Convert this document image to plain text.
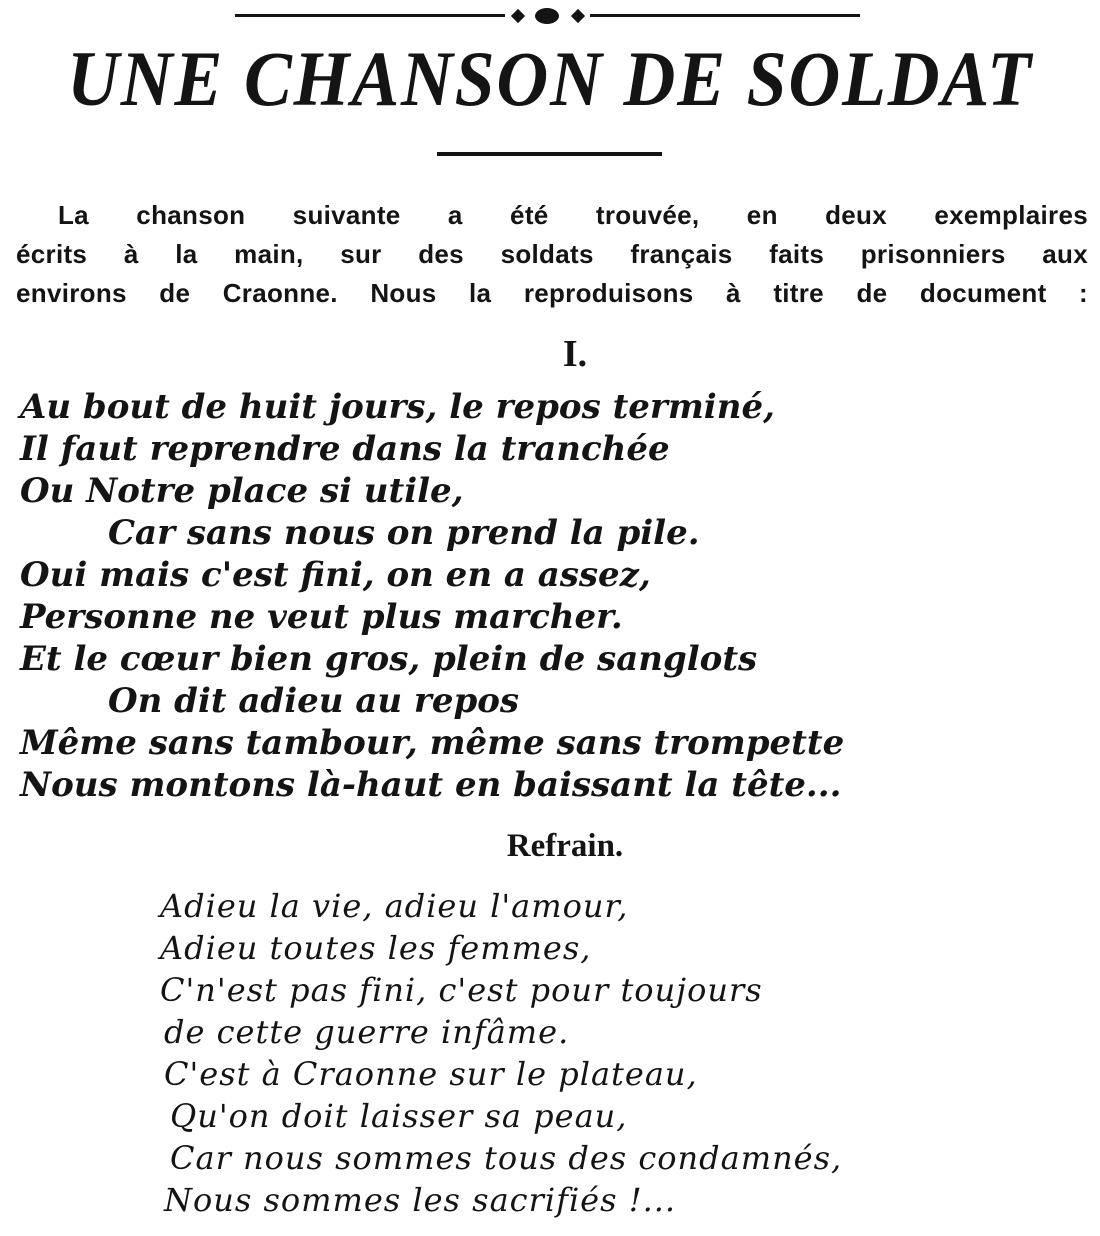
UNE CHANSON DE SOLDAT

La chanson suivante a été trouvée, en deux exemplaires
écrits à la main, sur des soldats français faits prisonniers aux
environs de Craonne. Nous la reproduisons à titre de document :

I.
Au bout de huit jours, le repos terminé,
Il faut reprendre dans la tranchée
Ou Notre place si utile,
Car sans nous on prend la pile.
Oui mais c'est fini, on en a assez,
Personne ne veut plus marcher.
Et le cœur bien gros, plein de sanglots
On dit adieu au repos
Même sans tambour, même sans trompette
Nous montons là-haut en baissant la tête...
Refrain.
Adieu la vie, adieu l'amour,
Adieu toutes les femmes,
C'n'est pas fini, c'est pour toujours
de cette guerre infâme.
C'est à Craonne sur le plateau,
Qu'on doit laisser sa peau,
Car nous sommes tous des condamnés,
Nous sommes les sacrifiés !...
